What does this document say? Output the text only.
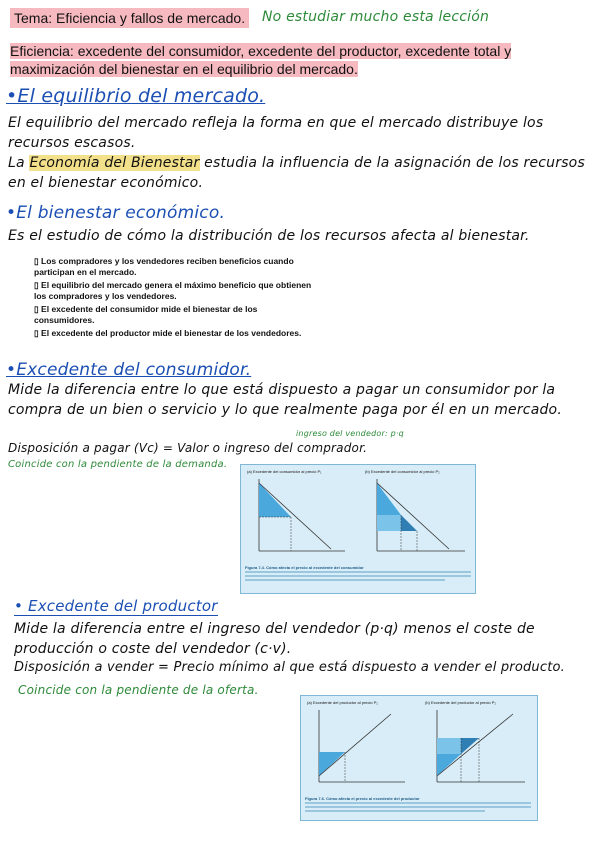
Tema: Eficiencia y fallos de mercado. No estudiar mucho esta lección
Eficiencia: excedente del consumidor, excedente del productor, excedente total y maximización del bienestar en el equilibrio del mercado.
•El equilibrio del mercado.
El equilibrio del mercado refleja la forma en que el mercado distribuye los recursos escasos.
La Economía del Bienestar estudia la influencia de la asignación de los recursos en el bienestar económico.
•El bienestar económico.
Es el estudio de cómo la distribución de los recursos afecta al bienestar.
▯ Los compradores y los vendedores reciben beneficios cuando participan en el mercado.
▯ El equilibrio del mercado genera el máximo beneficio que obtienen los compradores y los vendedores.
▯ El excedente del consumidor mide el bienestar de los consumidores.
▯ El excedente del productor mide el bienestar de los vendedores.
•Excedente del consumidor.
Mide la diferencia entre lo que está dispuesto a pagar un consumidor por la compra de un bien o servicio y lo que realmente paga por él en un mercado.
ingreso del vendedor: p·q
Disposición a pagar (Vc) = Valor o ingreso del comprador.
Coincide con la pendiente de la demanda.
(a) Excedente del consumidor al precio P₁	(b) Excedente del consumidor al precio P₂
Figura 7.4. Cómo afecta el precio al excedente del consumidor
• Excedente del productor
Mide la diferencia entre el ingreso del vendedor (p·q) menos el coste de producción o coste del vendedor (c·v).
Disposición a vender = Precio mínimo al que está dispuesto a vender el producto.
Coincide con la pendiente de la oferta.
(a) Excedente del productor al precio P₁	(b) Excedente del productor al precio P₂
Figura 7.6. Cómo afecta el precio al excedente del productor
